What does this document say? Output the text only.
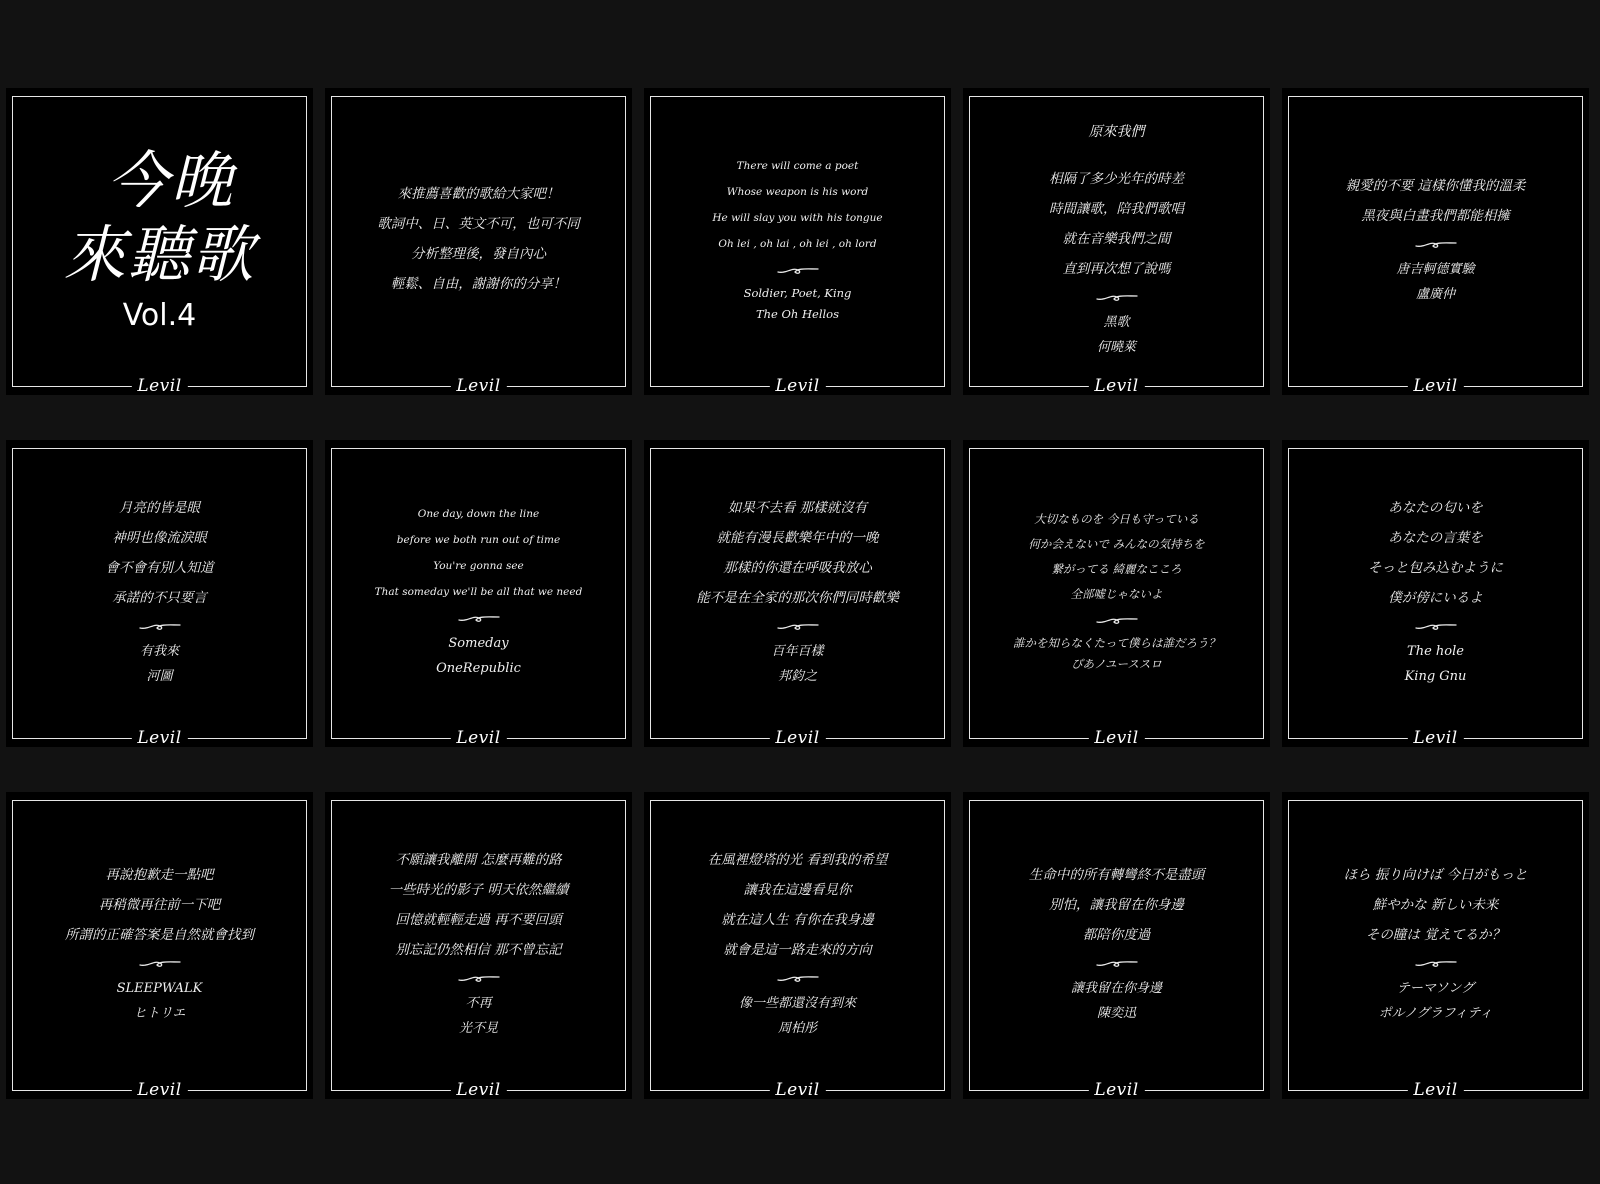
今晚
來聽歌
Vol.4
Levil
來推薦喜歡的歌給大家吧！
歌詞中、日、英文不可，也可不同
分析整理後，發自內心
輕鬆、自由，謝謝你的分享！
Levil
There will come a poet
Whose weapon is his word
He will slay you with his tongue
Oh lei , oh lai , oh lei , oh lord
Soldier, Poet, King
The Oh Hellos
Levil
原來我們
相隔了多少光年的時差
時間讓歌，陪我們歌唱
就在音樂我們之間
直到再次想了說嗎
黑歌
何曉萊
Levil
親愛的不要 這樣你懂我的溫柔
黑夜與白畫我們都能相擁
唐吉軻德實驗
盧廣仲
Levil
月亮的皆是眼
神明也像流淚眼
會不會有別人知道
承諾的不只要言
有我來
河圖
Levil
One day, down the line
before we both run out of time
You're gonna see
That someday we'll be all that we need
Someday
OneRepublic
Levil
如果不去看 那樣就沒有
就能有漫長歡樂年中的一晚
那樣的你還在呼吸我放心
能不是在全家的那次你們同時歡樂
百年百樣
邦鈞之
Levil
大切なものを 今日も守っている
何か会えないで みんなの気持ちを
繋がってる 綺麗なこころ
全部嘘じゃないよ
誰かを知らなくたって僕らは誰だろう？
ぴあノユーススロ
Levil
あなたの匂いを
あなたの言葉を
そっと包み込むように
僕が傍にいるよ
The hole
King Gnu
Levil
再說抱歉走一點吧
再稍微再往前一下吧
所謂的正確答案是自然就會找到
SLEEPWALK
ヒトリエ
Levil
不願讓我離開 怎麼再難的路
一些時光的影子 明天依然繼續
回憶就輕輕走過 再不要回頭
別忘記仍然相信 那不曾忘記
不再
光不見
Levil
在風裡燈塔的光 看到我的希望
讓我在這邊看見你
就在這人生 有你在我身邊
就會是這一路走來的方向
像一些都還沒有到來
周柏彤
Levil
生命中的所有轉彎終不是盡頭
別怕，讓我留在你身邊
都陪你度過
讓我留在你身邊
陳奕迅
Levil
ほら 振り向けば 今日がもっと
鮮やかな 新しい未来
その瞳は 覚えてるか？
テーマソング
ポルノグラフィティ
Levil
